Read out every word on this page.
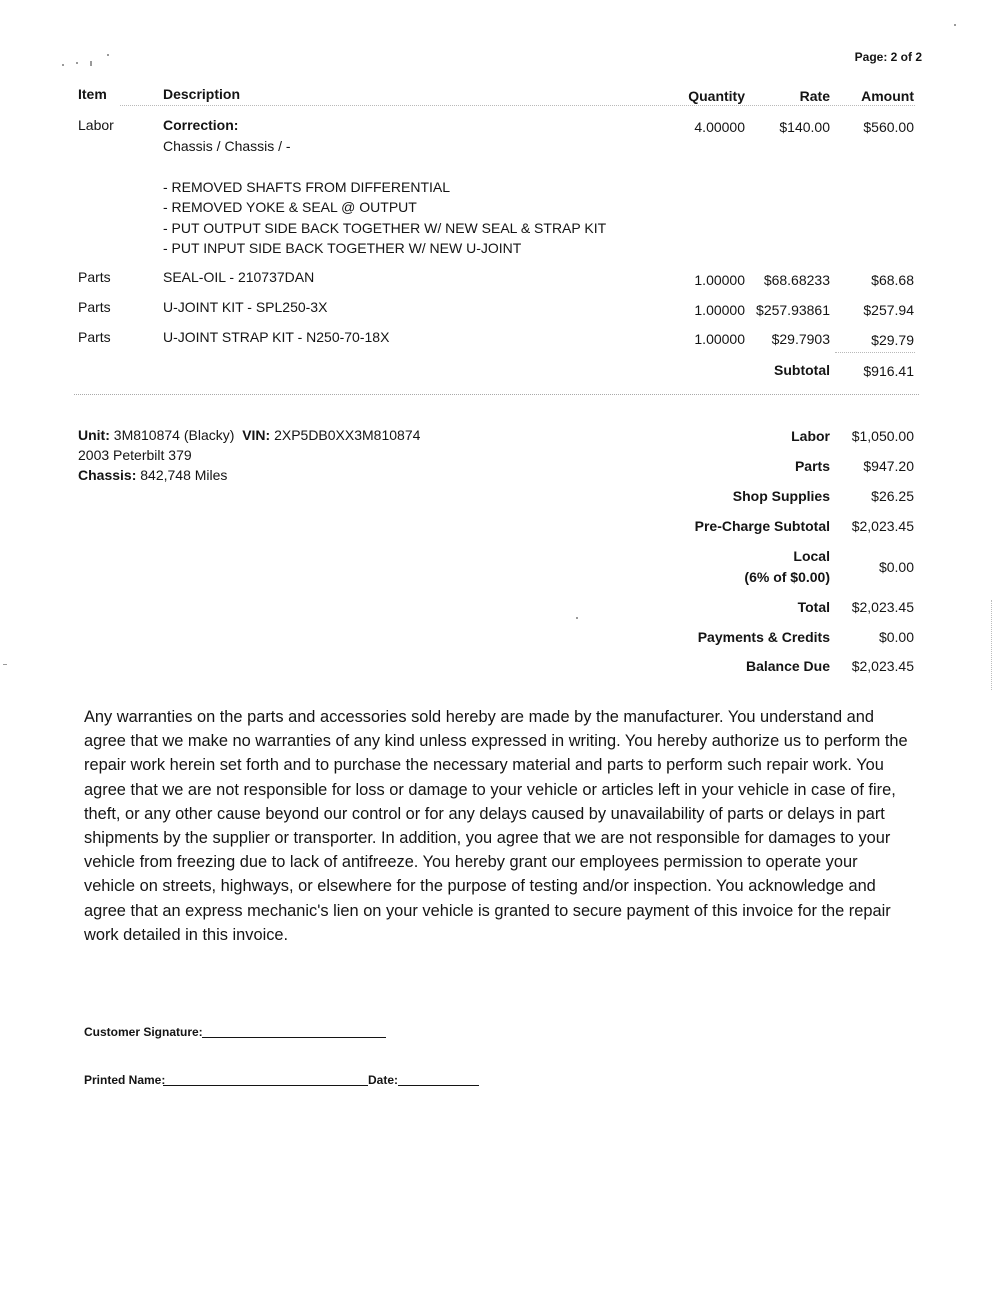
Page: 2 of 2
Item	Description	Quantity	Rate Amount
Labor	Correction:
Chassis / Chassis / -
- REMOVED SHAFTS FROM DIFFERENTIAL
- REMOVED YOKE & SEAL @ OUTPUT
- PUT OUTPUT SIDE BACK TOGETHER W/ NEW SEAL & STRAP KIT
- PUT INPUT SIDE BACK TOGETHER W/ NEW U-JOINT
4.00000 $140.00 $560.00
Parts	SEAL-OIL - 210737DAN	1.00000 $68.68233	$68.68
Parts	U-JOINT KIT - SPL250-3X	1.00000 $257.93861 $257.94
Parts	U-JOINT STRAP KIT - N250-70-18X	1.00000 $29.7903	$29.79
Subtotal $916.41
Unit: 3M810874 (Blacky) VIN: 2XP5DB0XX3M810874
2003 Peterbilt 379
Chassis: 842,748 Miles
Labor $1,050.00
Parts $947.20
Shop Supplies	$26.25
Pre-Charge Subtotal $2,023.45
Local
(6% of $0.00)
$0.00
Total $2,023.45
Payments & Credits	$0.00
Balance Due $2,023.45
Any warranties on the parts and accessories sold hereby are made by the manufacturer. You understand and agree that we make no warranties of any kind unless expressed in writing. You hereby authorize us to perform the repair work herein set forth and to purchase the necessary material and parts to perform such repair work. You agree that we are not responsible for loss or damage to your vehicle or articles left in your vehicle in case of fire, theft, or any other cause beyond our control or for any delays caused by unavailability of parts or delays in part shipments by the supplier or transporter. In addition, you agree that we are not responsible for damages to your vehicle from freezing due to lack of antifreeze. You hereby grant our employees permission to operate your vehicle on streets, highways, or elsewhere for the purpose of testing and/or inspection. You acknowledge and agree that an express mechanic's lien on your vehicle is granted to secure payment of this invoice for the repair work detailed in this invoice.
Customer Signature:
Printed Name:	Date:
